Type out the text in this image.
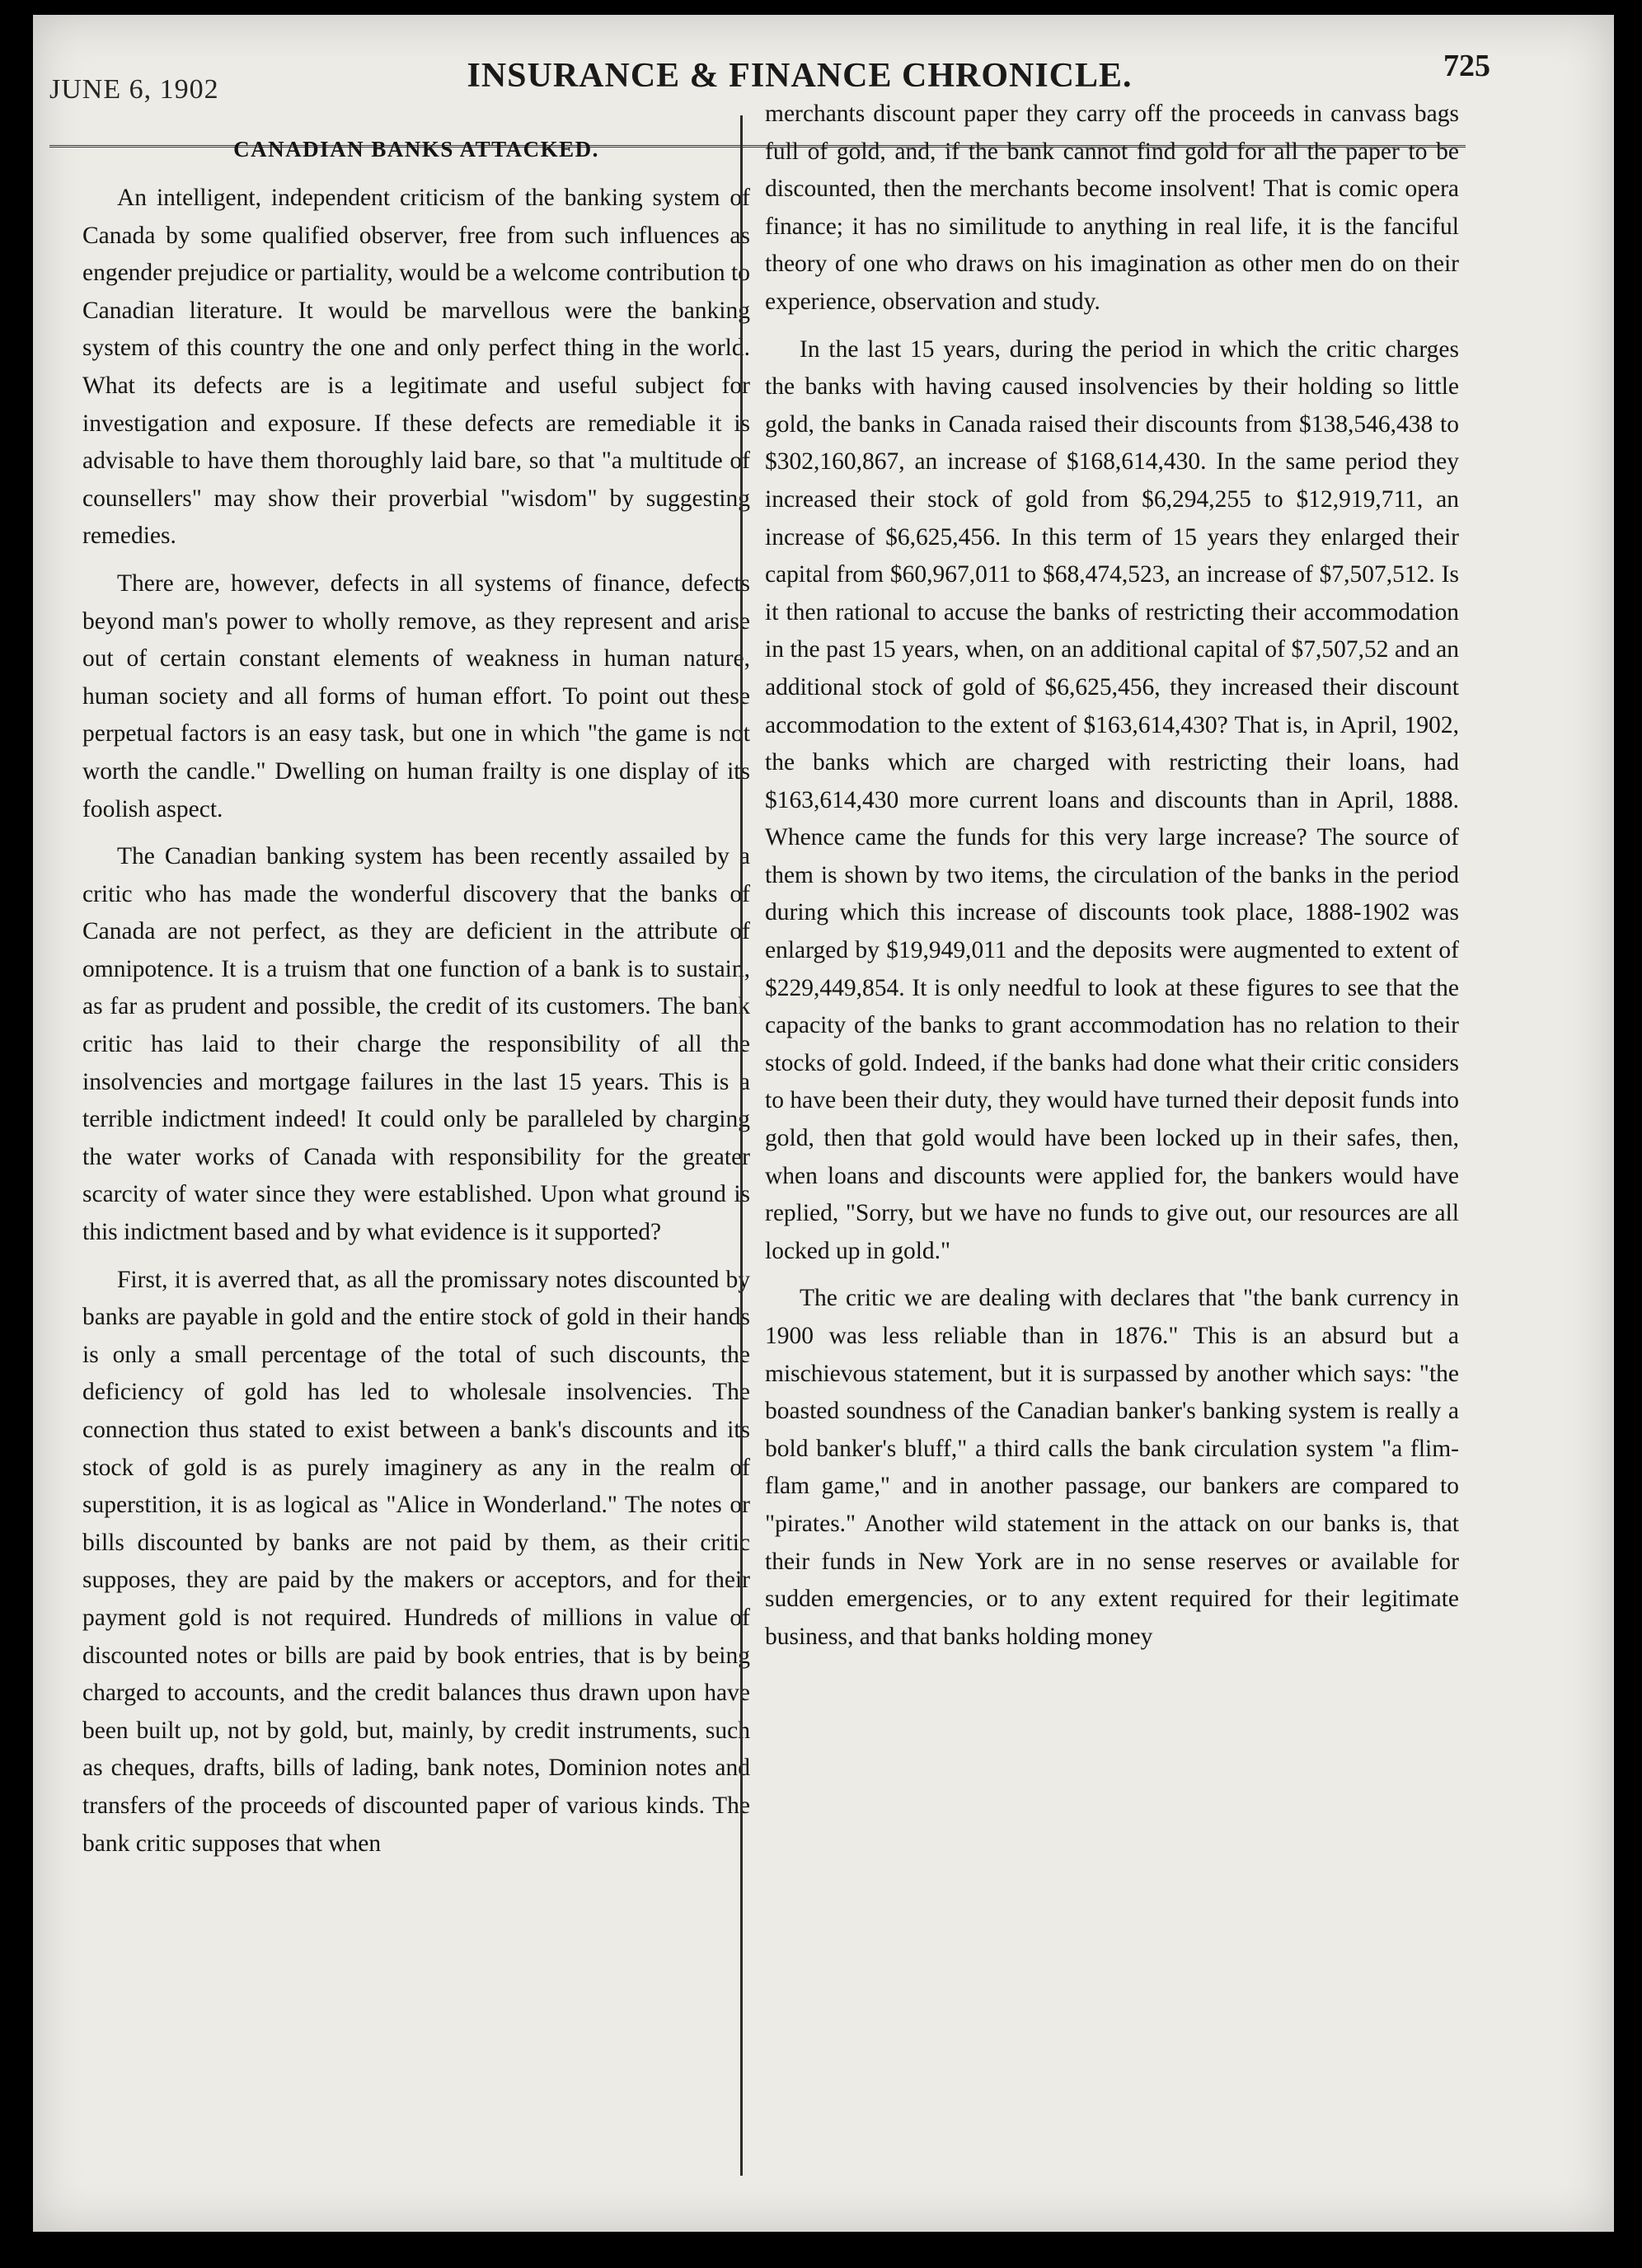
JUNE 6, 1902	INSURANCE & FINANCE CHRONICLE.	725
CANADIAN BANKS ATTACKED.

An intelligent, independent criticism of the banking system of Canada by some qualified observer, free from such influences as engender prejudice or partiality, would be a welcome contribution to Canadian literature. It would be marvellous were the banking system of this country the one and only perfect thing in the world. What its defects are is a legitimate and useful subject for investigation and exposure. If these defects are remediable it is advisable to have them thoroughly laid bare, so that "a multitude of counsellers" may show their proverbial "wisdom" by suggesting remedies.

There are, however, defects in all systems of finance, defects beyond man's power to wholly remove, as they represent and arise out of certain constant elements of weakness in human nature, human society and all forms of human effort. To point out these perpetual factors is an easy task, but one in which "the game is not worth the candle." Dwelling on human frailty is one display of its foolish aspect.

The Canadian banking system has been recently assailed by a critic who has made the wonderful discovery that the banks of Canada are not perfect, as they are deficient in the attribute of omnipotence. It is a truism that one function of a bank is to sustain, as far as prudent and possible, the credit of its customers. The bank critic has laid to their charge the responsibility of all the insolvencies and mortgage failures in the last 15 years. This is a terrible indictment indeed! It could only be paralleled by charging the water works of Canada with responsibility for the greater scarcity of water since they were established. Upon what ground is this indictment based and by what evidence is it supported?

First, it is averred that, as all the promissary notes discounted by banks are payable in gold and the entire stock of gold in their hands is only a small percentage of the total of such discounts, the deficiency of gold has led to wholesale insolvencies. The connection thus stated to exist between a bank's discounts and its stock of gold is as purely imaginery as any in the realm of superstition, it is as logical as "Alice in Wonderland." The notes or bills discounted by banks are not paid by them, as their critic supposes, they are paid by the makers or acceptors, and for their payment gold is not required. Hundreds of millions in value of discounted notes or bills are paid by book entries, that is by being charged to accounts, and the credit balances thus drawn upon have been built up, not by gold, but, mainly, by credit instruments, such as cheques, drafts, bills of lading, bank notes, Dominion notes and transfers of the proceeds of discounted paper of various kinds. The bank critic supposes that when

merchants discount paper they carry off the proceeds in canvass bags full of gold, and, if the bank cannot find gold for all the paper to be discounted, then the merchants become insolvent! That is comic opera finance; it has no similitude to anything in real life, it is the fanciful theory of one who draws on his imagination as other men do on their experience, observation and study.

In the last 15 years, during the period in which the critic charges the banks with having caused insolvencies by their holding so little gold, the banks in Canada raised their discounts from $138,546,438 to $302,160,867, an increase of $168,614,430. In the same period they increased their stock of gold from $6,294,255 to $12,919,711, an increase of $6,625,456. In this term of 15 years they enlarged their capital from $60,967,011 to $68,474,523, an increase of $7,507,512. Is it then rational to accuse the banks of restricting their accommodation in the past 15 years, when, on an additional capital of $7,507,52 and an additional stock of gold of $6,625,456, they increased their discount accommodation to the extent of $163,614,430? That is, in April, 1902, the banks which are charged with restricting their loans, had $163,614,430 more current loans and discounts than in April, 1888. Whence came the funds for this very large increase? The source of them is shown by two items, the circulation of the banks in the period during which this increase of discounts took place, 1888-1902 was enlarged by $19,949,011 and the deposits were augmented to extent of $229,449,854. It is only needful to look at these figures to see that the capacity of the banks to grant accommodation has no relation to their stocks of gold. Indeed, if the banks had done what their critic considers to have been their duty, they would have turned their deposit funds into gold, then that gold would have been locked up in their safes, then, when loans and discounts were applied for, the bankers would have replied, "Sorry, but we have no funds to give out, our resources are all locked up in gold."

The critic we are dealing with declares that "the bank currency in 1900 was less reliable than in 1876." This is an absurd but a mischievous statement, but it is surpassed by another which says: "the boasted soundness of the Canadian banker's banking system is really a bold banker's bluff," a third calls the bank circulation system "a flim-flam game," and in another passage, our bankers are compared to "pirates." Another wild statement in the attack on our banks is, that their funds in New York are in no sense reserves or available for sudden emergencies, or to any extent required for their legitimate business, and that banks holding money
